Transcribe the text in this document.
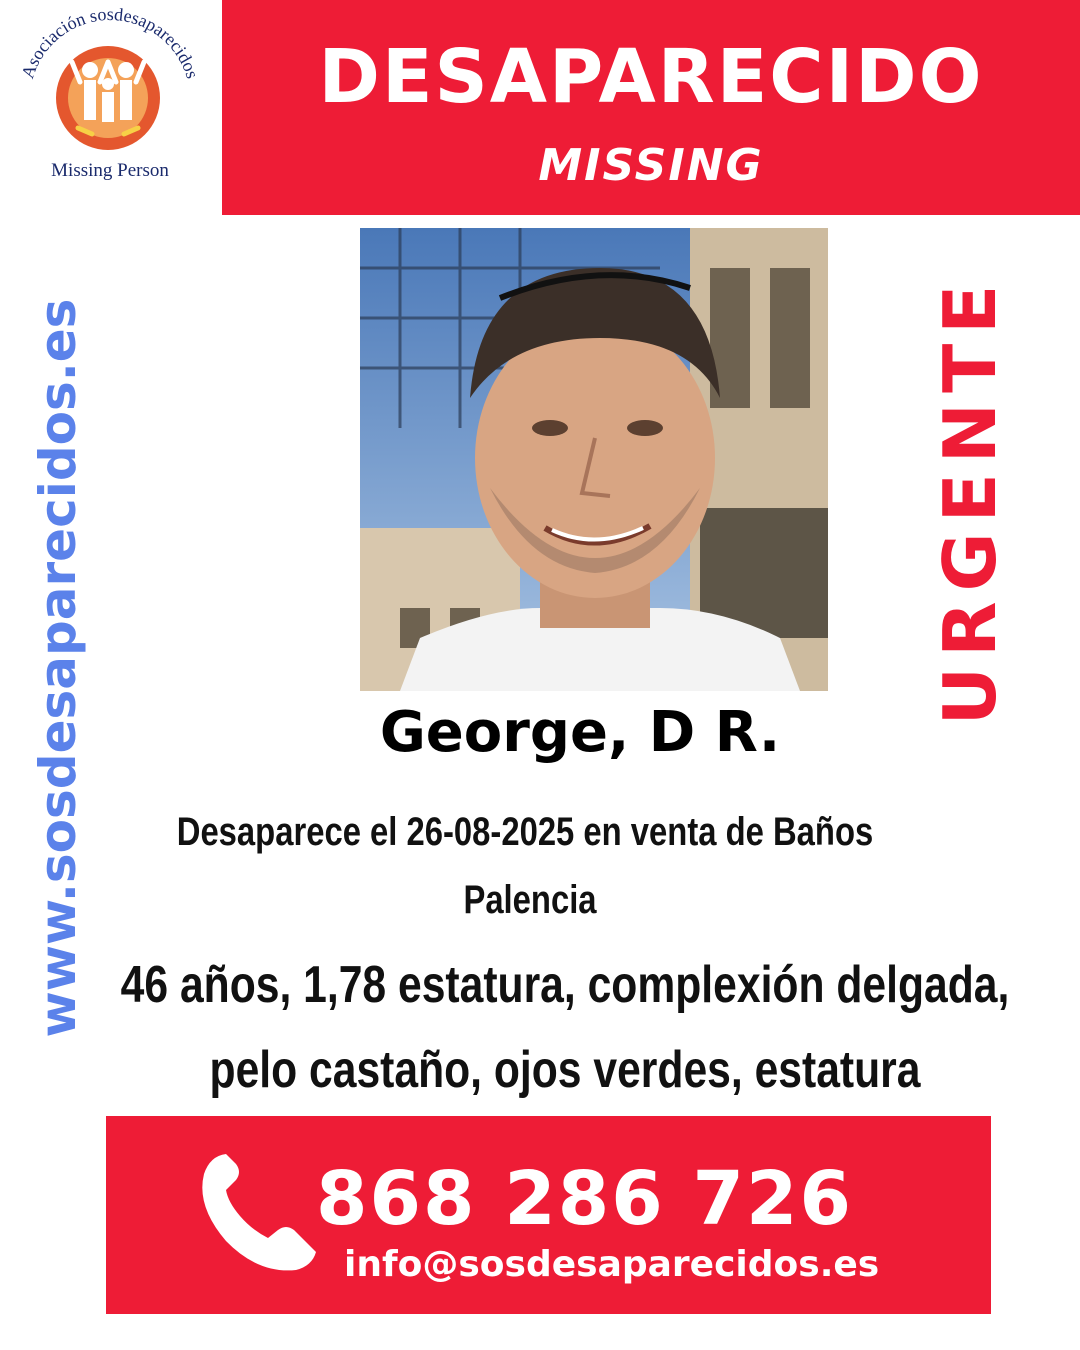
Asociación sosdesaparecidos
Missing Person
DESAPARECIDO
MISSING
www.sosdesaparecidos.es	URGENTE
George, D R.
Desaparece el 26-08-2025 en venta de Baños
Palencia
46 años, 1,78 estatura, complexión delgada,
pelo castaño, ojos verdes, estatura
868 286 726
info@sosdesaparecidos.es
